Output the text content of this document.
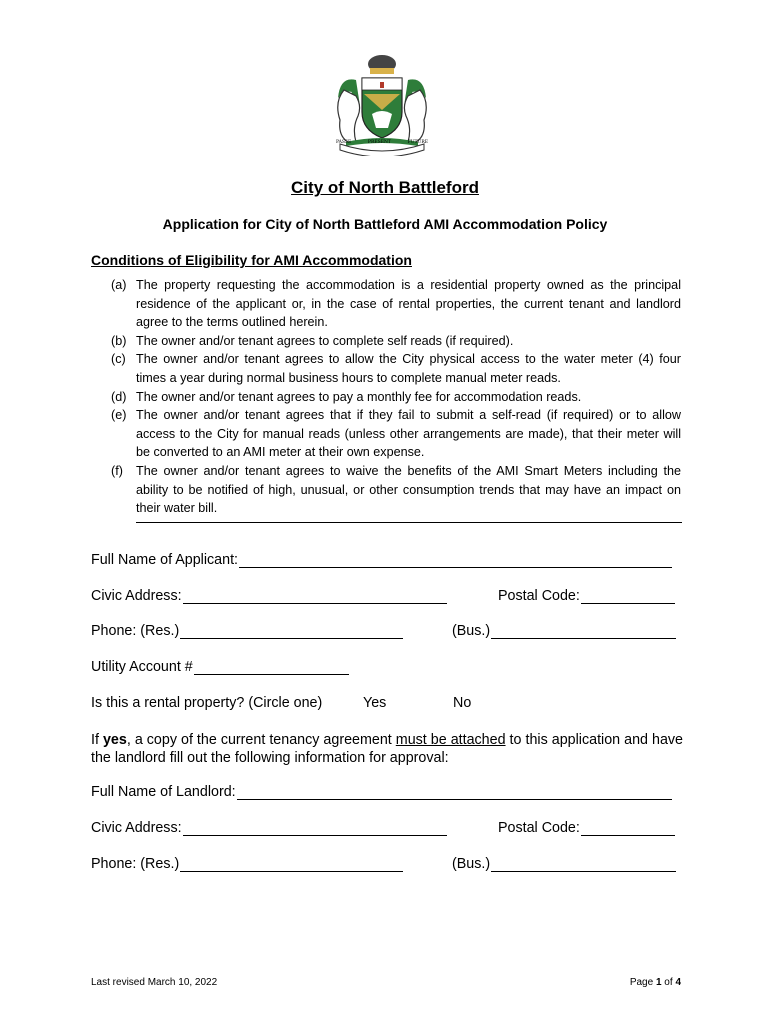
PASSE	PRÉSENT	FUTURE
City of North Battleford
Application for City of North Battleford AMI Accommodation Policy
Conditions of Eligibility for AMI Accommodation
(a) The property requesting the accommodation is a residential property owned as the principal residence of the applicant or, in the case of rental properties, the current tenant and landlord agree to the terms outlined herein.
(b) The owner and/or tenant agrees to complete self reads (if required).
(c) The owner and/or tenant agrees to allow the City physical access to the water meter (4) four times a year during normal business hours to complete manual meter reads.
(d) The owner and/or tenant agrees to pay a monthly fee for accommodation reads.
(e) The owner and/or tenant agrees that if they fail to submit a self-read (if required) or to allow access to the City for manual reads (unless other arrangements are made), that their meter will be converted to an AMI meter at their own expense.
(f)	The owner and/or tenant agrees to waive the benefits of the AMI Smart Meters including the ability to be notified of high, unusual, or other consumption trends that may have an impact on their water bill.
Full Name of Applicant:
Civic Address:	Postal Code:
Phone: (Res.)	(Bus.)
Utility Account #
Is this a rental property? (Circle one)	Yes	No
If yes, a copy of the current tenancy agreement must be attached to this application and have the landlord fill out the following information for approval:
Full Name of Landlord:
Civic Address:	Postal Code:
Phone: (Res.)	(Bus.)
Last revised March 10, 2022	Page 1 of 4
